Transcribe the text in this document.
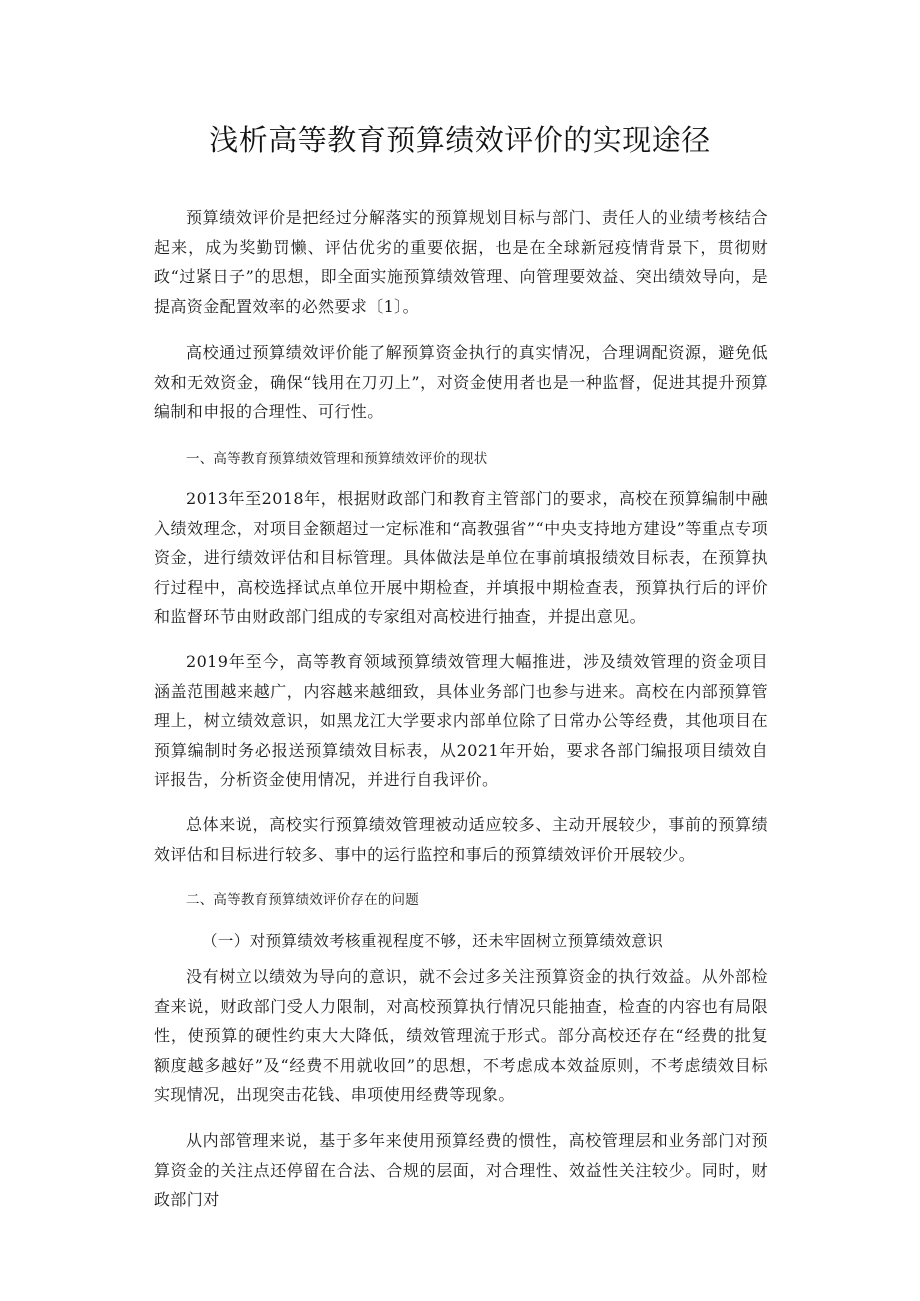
浅析高等教育预算绩效评价的实现途径

预算绩效评价是把经过分解落实的预算规划目标与部门、责任人的业绩考核结合起来，成为奖勤罚懒、评估优劣的重要依据，也是在全球新冠疫情背景下，贯彻财政“过紧日子”的思想，即全面实施预算绩效管理、向管理要效益、突出绩效导向，是提高资金配置效率的必然要求〔1〕。

高校通过预算绩效评价能了解预算资金执行的真实情况，合理调配资源，避免低效和无效资金，确保“钱用在刀刃上”，对资金使用者也是一种监督，促进其提升预算编制和申报的合理性、可行性。

一、高等教育预算绩效管理和预算绩效评价的现状

2013年至2018年，根据财政部门和教育主管部门的要求，高校在预算编制中融入绩效理念，对项目金额超过一定标准和“高教强省”“中央支持地方建设”等重点专项资金，进行绩效评估和目标管理。具体做法是单位在事前填报绩效目标表，在预算执行过程中，高校选择试点单位开展中期检查，并填报中期检查表，预算执行后的评价和监督环节由财政部门组成的专家组对高校进行抽查，并提出意见。

2019年至今，高等教育领域预算绩效管理大幅推进，涉及绩效管理的资金项目涵盖范围越来越广，内容越来越细致，具体业务部门也参与进来。高校在内部预算管理上，树立绩效意识，如黑龙江大学要求内部单位除了日常办公等经费，其他项目在预算编制时务必报送预算绩效目标表，从2021年开始，要求各部门编报项目绩效自评报告，分析资金使用情况，并进行自我评价。

总体来说，高校实行预算绩效管理被动适应较多、主动开展较少，事前的预算绩效评估和目标进行较多、事中的运行监控和事后的预算绩效评价开展较少。

二、高等教育预算绩效评价存在的问题

（一）对预算绩效考核重视程度不够，还未牢固树立预算绩效意识

没有树立以绩效为导向的意识，就不会过多关注预算资金的执行效益。从外部检查来说，财政部门受人力限制，对高校预算执行情况只能抽查，检查的内容也有局限性，使预算的硬性约束大大降低，绩效管理流于形式。部分高校还存在“经费的批复额度越多越好”及“经费不用就收回”的思想，不考虑成本效益原则，不考虑绩效目标实现情况，出现突击花钱、串项使用经费等现象。

从内部管理来说，基于多年来使用预算经费的惯性，高校管理层和业务部门对预算资金的关注点还停留在合法、合规的层面，对合理性、效益性关注较少。同时，财政部门对
